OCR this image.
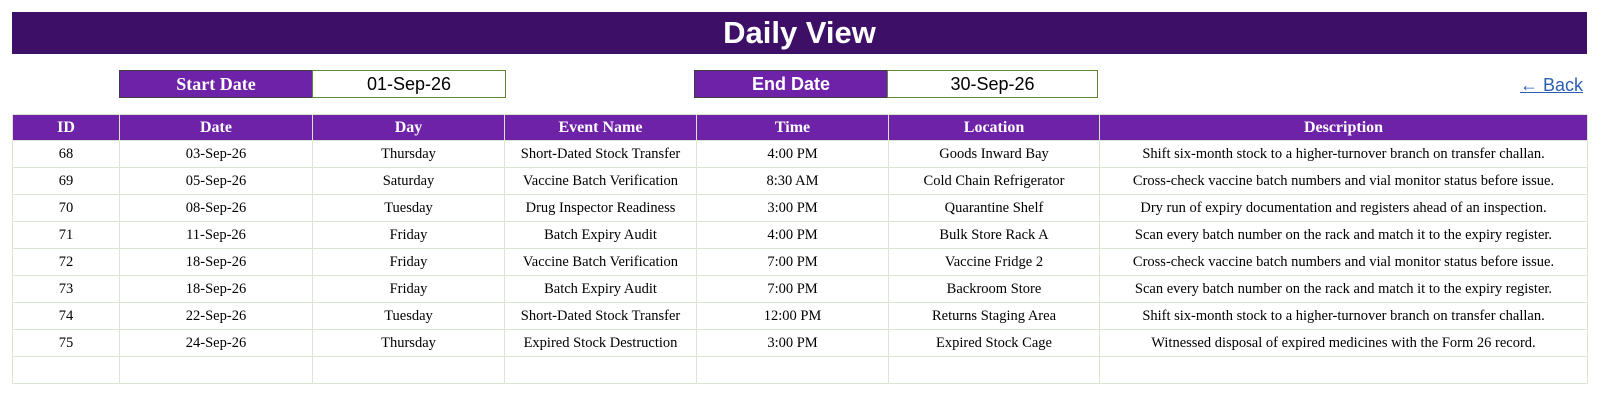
Daily View
Start Date	01-Sep-26	End Date	30-Sep-26	← Back
ID	Date	Day	Event Name	Time	Location	Description
68	03-Sep-26	Thursday	Short-Dated Stock Transfer	4:00 PM	Goods Inward Bay	Shift six-month stock to a higher-turnover branch on transfer challan.
69	05-Sep-26	Saturday	Vaccine Batch Verification	8:30 AM	Cold Chain Refrigerator	Cross-check vaccine batch numbers and vial monitor status before issue.
70	08-Sep-26	Tuesday	Drug Inspector Readiness	3:00 PM	Quarantine Shelf	Dry run of expiry documentation and registers ahead of an inspection.
71	11-Sep-26	Friday	Batch Expiry Audit	4:00 PM	Bulk Store Rack A	Scan every batch number on the rack and match it to the expiry register.
72	18-Sep-26	Friday	Vaccine Batch Verification	7:00 PM	Vaccine Fridge 2	Cross-check vaccine batch numbers and vial monitor status before issue.
73	18-Sep-26	Friday	Batch Expiry Audit	7:00 PM	Backroom Store	Scan every batch number on the rack and match it to the expiry register.
74	22-Sep-26	Tuesday	Short-Dated Stock Transfer	12:00 PM	Returns Staging Area	Shift six-month stock to a higher-turnover branch on transfer challan.
75	24-Sep-26	Thursday	Expired Stock Destruction	3:00 PM	Expired Stock Cage	Witnessed disposal of expired medicines with the Form 26 record.
